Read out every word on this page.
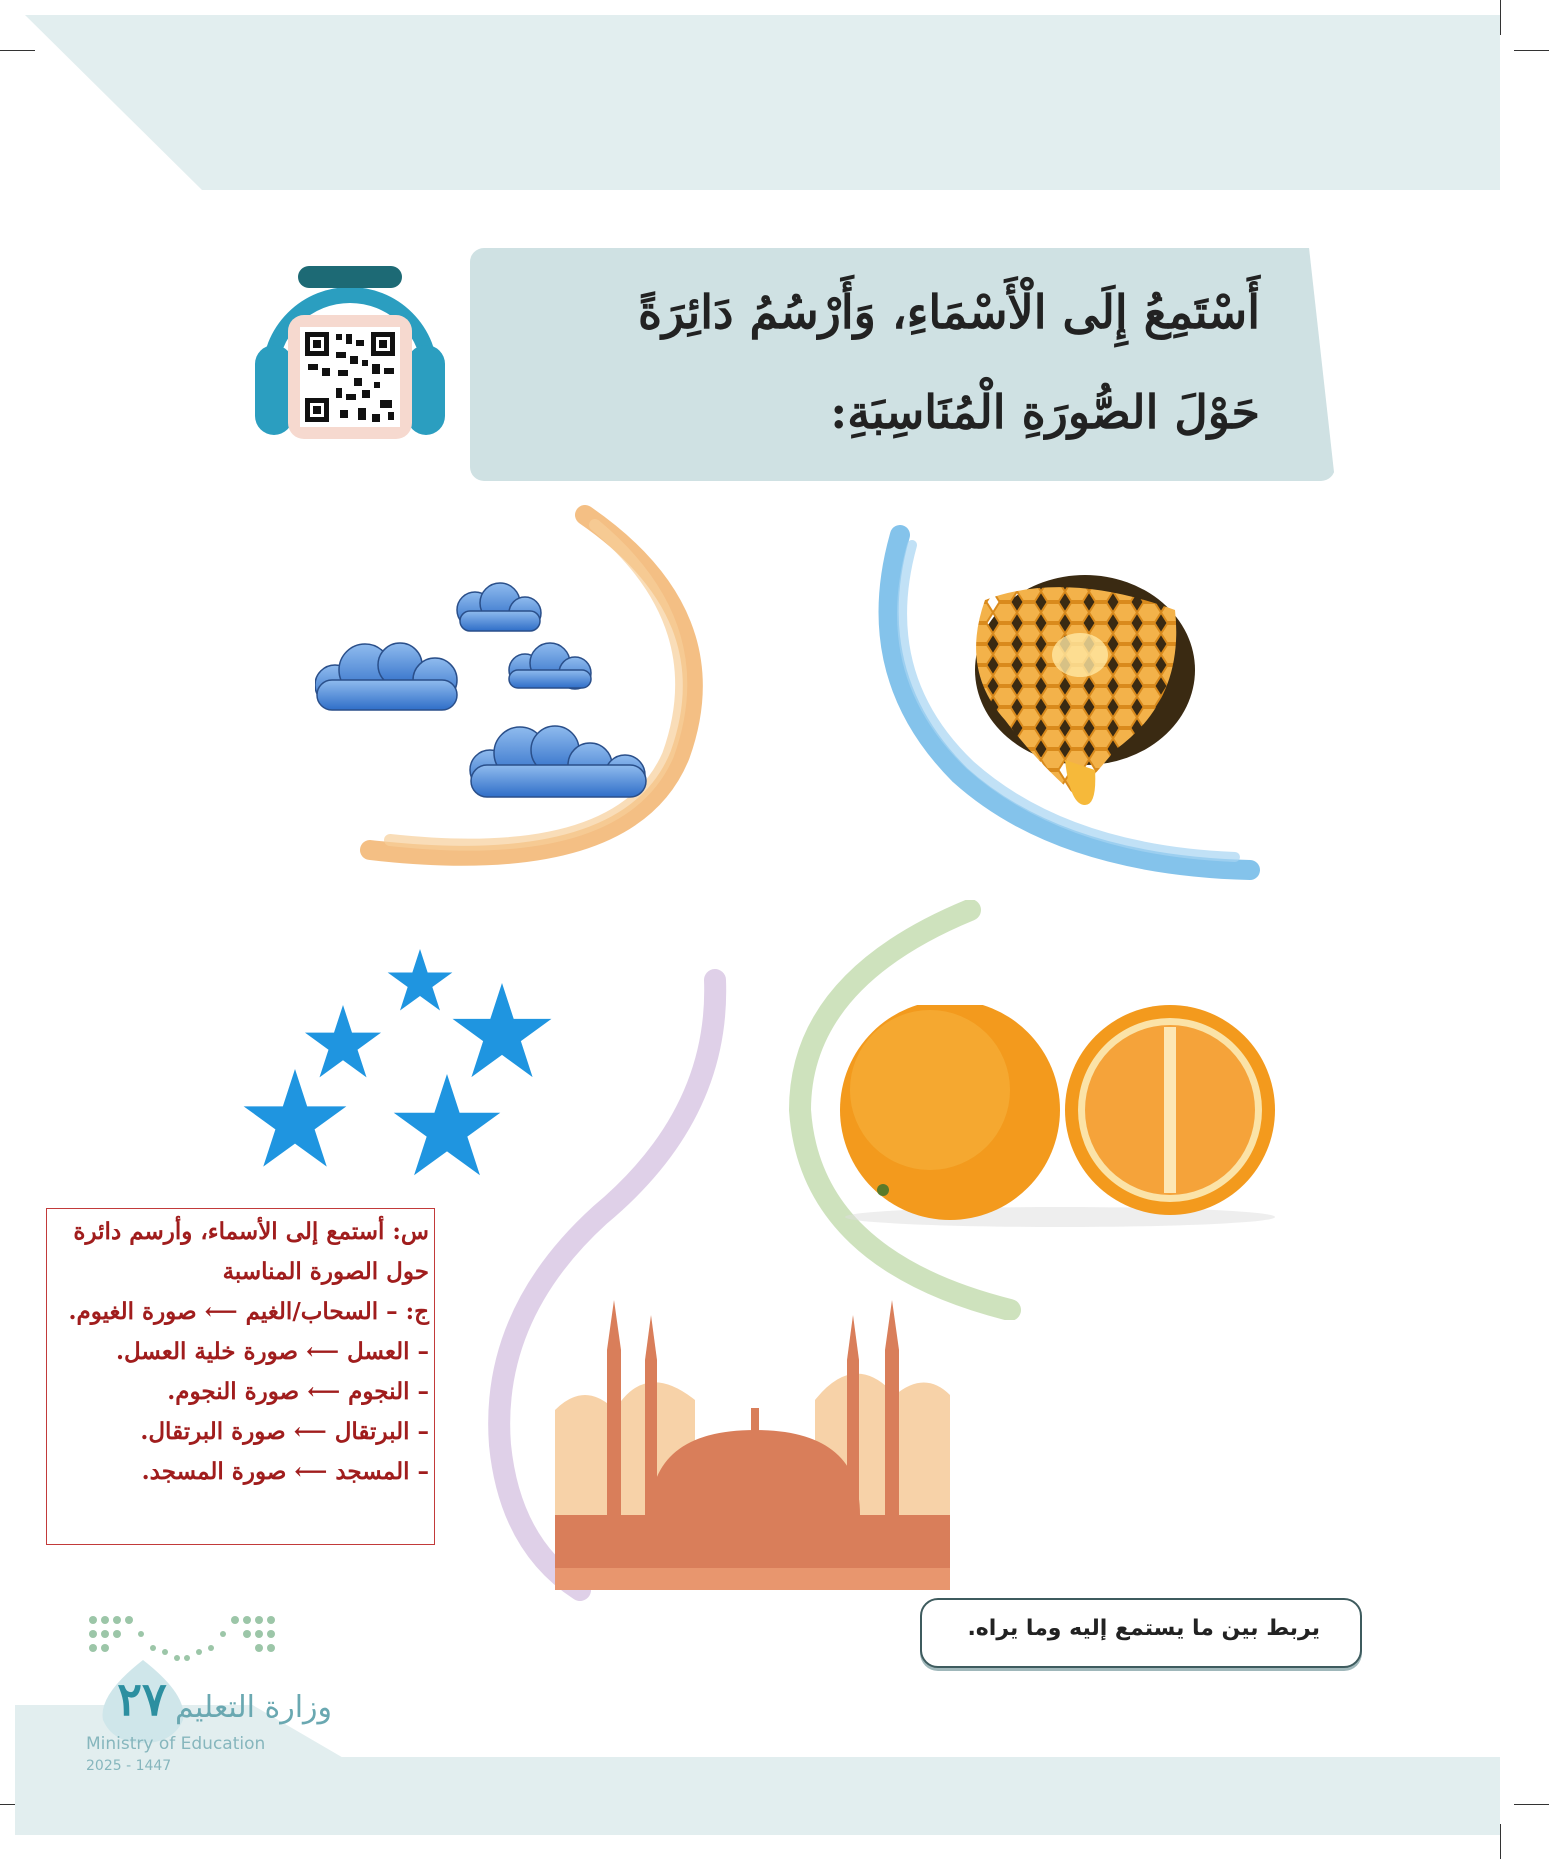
أَسْتَمِعُ إِلَى الْأَسْمَاءِ، وَأَرْسُمُ دَائِرَةً
حَوْلَ الصُّورَةِ الْمُنَاسِبَةِ:
س: أستمع إلى الأسماء، وأرسم دائرة حول الصورة المناسبة
ج: – السحاب/الغيم ⟵ صورة الغيوم.
– العسل ⟵ صورة خلية العسل.
– النجوم ⟵ صورة النجوم.
– البرتقال ⟵ صورة البرتقال.
– المسجد ⟵ صورة المسجد.
يربط بين ما يستمع إليه وما يراه.
٢٧ وزارة التعليم
Ministry of Education
2025 - 1447
